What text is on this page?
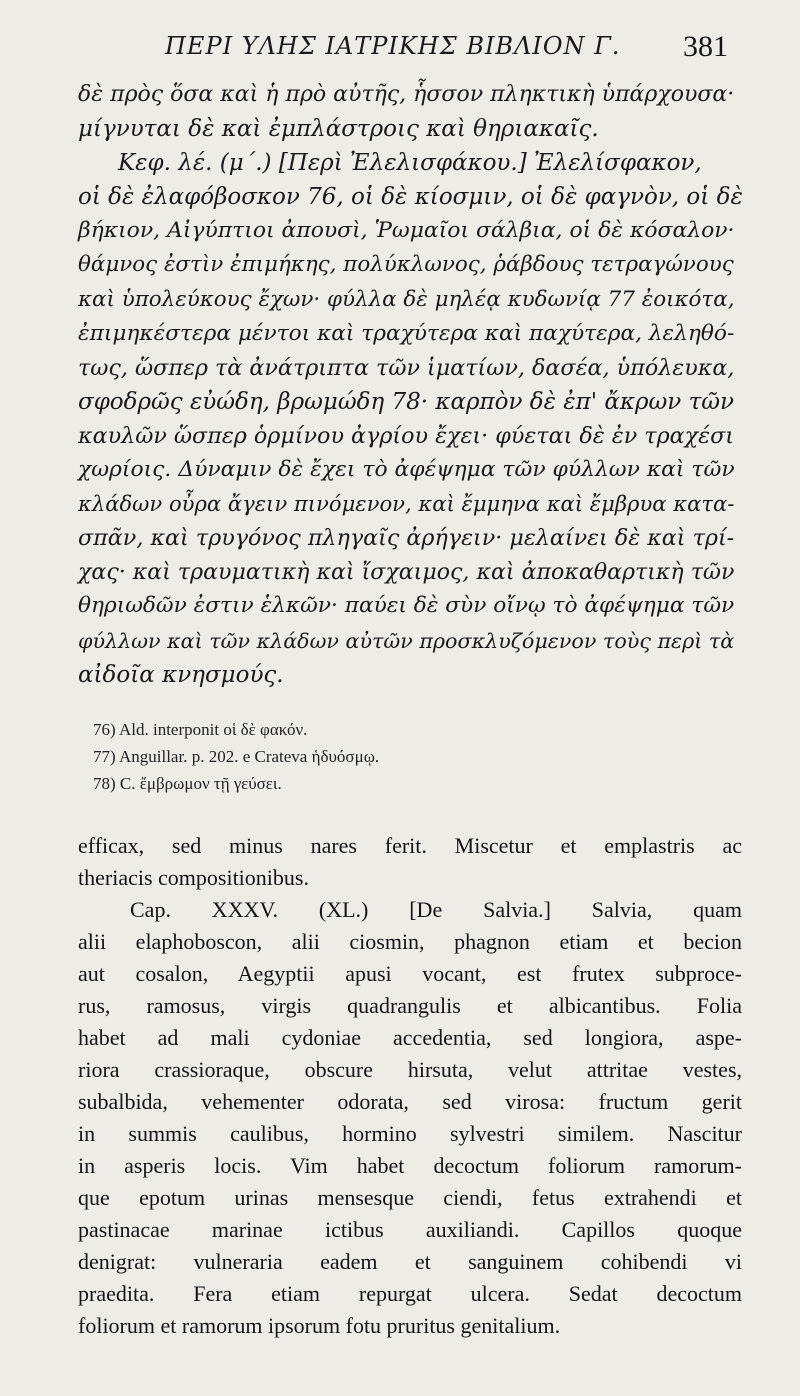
ΠΕΡΙ ΥΛΗΣ ΙΑΤΡΙΚΗΣ ΒΙΒΛΙΟΝ Γ. 381
δὲ πρὸς ὅσα καὶ ἡ πρὸ αὐτῆς, ἧσσον πληκτικὴ ὑπάρχουσα·
μίγνυται δὲ καὶ ἐμπλάστροις καὶ θηριακαῖς.
Κεφ. λέ. (μ΄.) [Περὶ Ἐλελισφάκου.] Ἐλελίσφακον,
οἱ δὲ ἐλαφόβοσκον 76, οἱ δὲ κίοσμιν, οἱ δὲ φαγνὸν, οἱ δὲ
βήκιον, Αἰγύπτιοι ἀπουσὶ, Ῥωμαῖοι σάλβια, οἱ δὲ κόσαλον·
θάμνος ἐστὶν ἐπιμήκης, πολύκλωνος, ῥάβδους τετραγώνους
καὶ ὑπολεύκους ἔχων· φύλλα δὲ μηλέᾳ κυδωνίᾳ 77 ἐοικότα,
ἐπιμηκέστερα μέντοι καὶ τραχύτερα καὶ παχύτερα, λεληθό-
τως, ὥσπερ τὰ ἀνάτριπτα τῶν ἱματίων, δασέα, ὑπόλευκα,
σφοδρῶς εὐώδη, βρωμώδη 78· καρπὸν δὲ ἐπ' ἄκρων τῶν
καυλῶν ὥσπερ ὁρμίνου ἀγρίου ἔχει· φύεται δὲ ἐν τραχέσι
χωρίοις. Δύναμιν δὲ ἔχει τὸ ἀφέψημα τῶν φύλλων καὶ τῶν
κλάδων οὖρα ἄγειν πινόμενον, καὶ ἔμμηνα καὶ ἔμβρυα κατα-
σπᾶν, καὶ τρυγόνος πληγαῖς ἀρήγειν· μελαίνει δὲ καὶ τρί-
χας· καὶ τραυματικὴ καὶ ἴσχαιμος, καὶ ἀποκαθαρτικὴ τῶν
θηριωδῶν ἐστιν ἑλκῶν· παύει δὲ σὺν οἴνῳ τὸ ἀφέψημα τῶν
φύλλων καὶ τῶν κλάδων αὐτῶν προσκλυζόμενον τοὺς περὶ τὰ
αἰδοῖα κνησμούς.
76) Ald. interponit οἱ δὲ φακόν.
77) Anguillar. p. 202. e Crateva ἡδυόσμῳ.
78) C. ἔμβρωμον τῇ γεύσει.
efficax, sed minus nares ferit. Miscetur et emplastris ac
theriacis compositionibus.
Cap. XXXV. (XL.) [De Salvia.] Salvia, quam
alii elaphoboscon, alii ciosmin, phagnon etiam et becion
aut cosalon, Aegyptii apusi vocant, est frutex subproce-
rus, ramosus, virgis quadrangulis et albicantibus. Folia
habet ad mali cydoniae accedentia, sed longiora, aspe-
riora crassioraque, obscure hirsuta, velut attritae vestes,
subalbida, vehementer odorata, sed virosa: fructum gerit
in summis caulibus, hormino sylvestri similem. Nascitur
in asperis locis. Vim habet decoctum foliorum ramorum-
que epotum urinas mensesque ciendi, fetus extrahendi et
pastinacae marinae ictibus auxiliandi. Capillos quoque
denigrat: vulneraria eadem et sanguinem cohibendi vi
praedita. Fera etiam repurgat ulcera. Sedat decoctum
foliorum et ramorum ipsorum fotu pruritus genitalium.
